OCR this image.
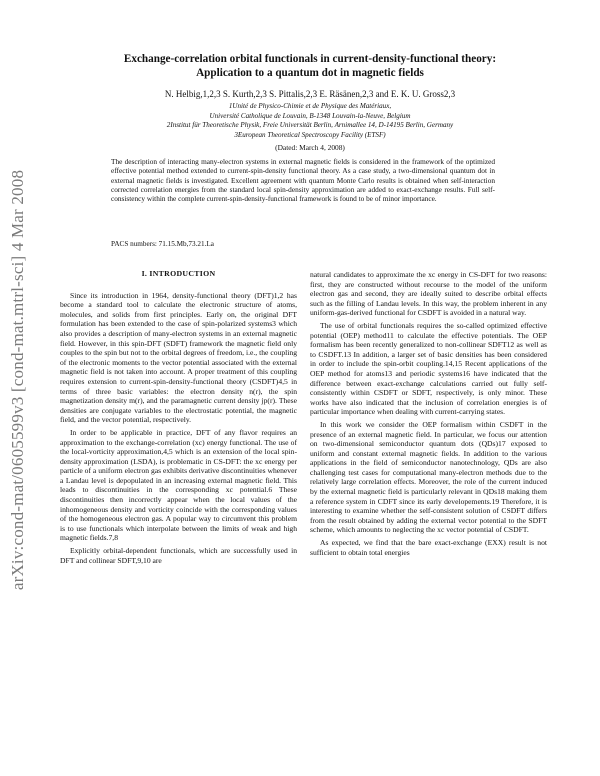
arXiv:cond-mat/0605599v3 [cond-mat.mtrl-sci] 4 Mar 2008
Exchange-correlation orbital functionals in current-density-functional theory:
Application to a quantum dot in magnetic fields
N. Helbig,1,2,3 S. Kurth,2,3 S. Pittalis,2,3 E. Räsänen,2,3 and E. K. U. Gross2,3
1Unité de Physico-Chimie et de Physique des Matériaux,
Université Catholique de Louvain, B-1348 Louvain-la-Neuve, Belgium
2Institut für Theoretische Physik, Freie Universität Berlin, Arnimallee 14, D-14195 Berlin, Germany
3European Theoretical Spectroscopy Facility (ETSF)
(Dated: March 4, 2008)
The description of interacting many-electron systems in external magnetic fields is considered in the framework of the optimized effective potential method extended to current-spin-density functional theory. As a case study, a two-dimensional quantum dot in external magnetic fields is investigated. Excellent agreement with quantum Monte Carlo results is obtained when self-interaction corrected correlation energies from the standard local spin-density approximation are added to exact-exchange results. Full self-consistency within the complete current-spin-density-functional framework is found to be of minor importance.
PACS numbers: 71.15.Mb,73.21.La
I. INTRODUCTION

Since its introduction in 1964, density-functional theory (DFT)1,2 has become a standard tool to calculate the electronic structure of atoms, molecules, and solids from first principles. Early on, the original DFT formulation has been extended to the case of spin-polarized systems3 which also provides a description of many-electron systems in an external magnetic field. However, in this spin-DFT (SDFT) framework the magnetic field only couples to the spin but not to the orbital degrees of freedom, i.e., the coupling of the electronic moments to the vector potential associated with the external magnetic field is not taken into account. A proper treatment of this coupling requires extension to current-spin-density-functional theory (CSDFT)4,5 in terms of three basic variables: the electron density n(r), the spin magnetization density m(r), and the paramagnetic current density jp(r). These densities are conjugate variables to the electrostatic potential, the magnetic field, and the vector potential, respectively.

In order to be applicable in practice, DFT of any flavor requires an approximation to the exchange-correlation (xc) energy functional. The use of the local-vorticity approximation,4,5 which is an extension of the local spin-density approximation (LSDA), is problematic in CS-DFT: the xc energy per particle of a uniform electron gas exhibits derivative discontinuities whenever a Landau level is depopulated in an increasing external magnetic field. This leads to discontinuities in the corresponding xc potential.6 These discontinuities then incorrectly appear when the local values of the inhomogeneous density and vorticity coincide with the corresponding values of the homogeneous electron gas. A popular way to circumvent this problem is to use functionals which interpolate between the limits of weak and high magnetic fields.7,8

Explicitly orbital-dependent functionals, which are successfully used in DFT and collinear SDFT,9,10 are

natural candidates to approximate the xc energy in CS-DFT for two reasons: first, they are constructed without recourse to the model of the uniform electron gas and second, they are ideally suited to describe orbital effects such as the filling of Landau levels. In this way, the problem inherent in any uniform-gas-derived functional for CSDFT is avoided in a natural way.

The use of orbital functionals requires the so-called optimized effective potential (OEP) method11 to calculate the effective potentials. The OEP formalism has been recently generalized to non-collinear SDFT12 as well as to CSDFT.13 In addition, a larger set of basic densities has been considered in order to include the spin-orbit coupling.14,15 Recent applications of the OEP method for atoms13 and periodic systems16 have indicated that the difference between exact-exchange calculations carried out fully self-consistently within CSDFT or SDFT, respectively, is only minor. These works have also indicated that the inclusion of correlation energies is of particular importance when dealing with current-carrying states.

In this work we consider the OEP formalism within CSDFT in the presence of an external magnetic field. In particular, we focus our attention on two-dimensional semiconductor quantum dots (QDs)17 exposed to uniform and constant external magnetic fields. In addition to the various applications in the field of semiconductor nanotechnology, QDs are also challenging test cases for computational many-electron methods due to the relatively large correlation effects. Moreover, the role of the current induced by the external magnetic field is particularly relevant in QDs18 making them a reference system in CDFT since its early developements.19 Therefore, it is interesting to examine whether the self-consistent solution of CSDFT differs from the result obtained by adding the external vector potential to the SDFT scheme, which amounts to neglecting the xc vector potential of CSDFT.

As expected, we find that the bare exact-exchange (EXX) result is not sufficient to obtain total energies
